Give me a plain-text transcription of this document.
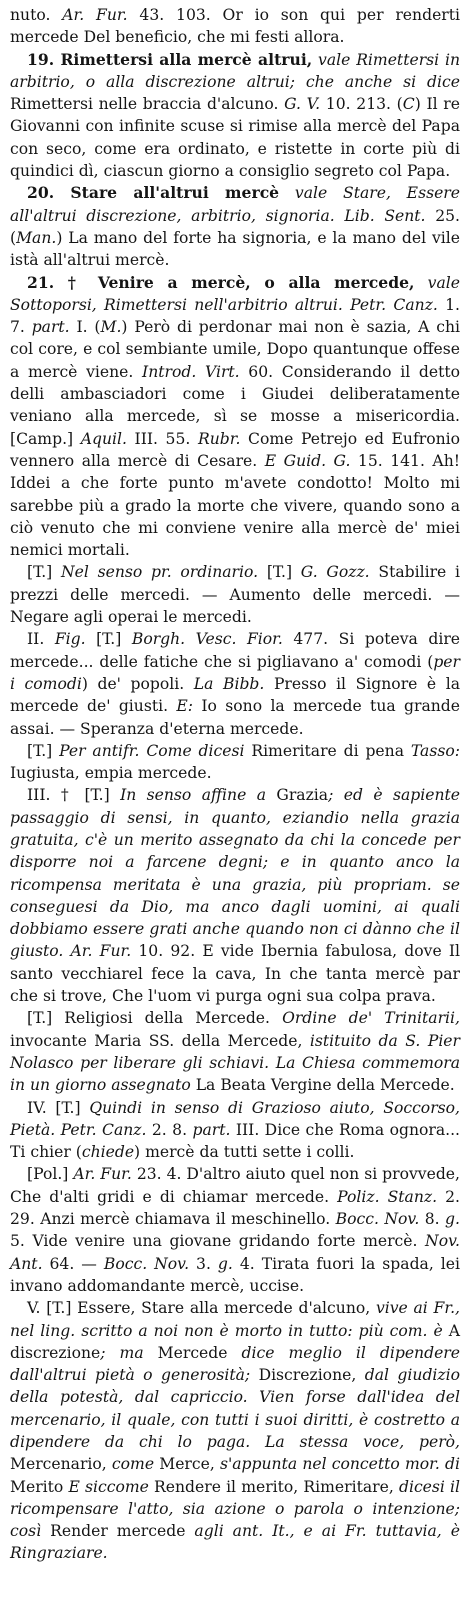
nuto. Ar. Fur. 43. 103. Or io son qui per renderti mercede Del beneficio, che mi festi allora.

19. Rimettersi alla mercè altrui, vale Rimettersi in arbitrio, o alla discrezione altrui; che anche si dice Rimettersi nelle braccia d'alcuno. G. V. 10. 213. (C) Il re Giovanni con infinite scuse si rimise alla mercè del Papa con seco, come era ordinato, e ristette in corte più di quindici dì, ciascun giorno a consiglio segreto col Papa.

20. Stare all'altrui mercè vale Stare, Essere all'altrui discrezione, arbitrio, signoria. Lib. Sent. 25. (Man.) La mano del forte ha signoria, e la mano del vile istà all'altrui mercè.

21. † Venire a mercè, o alla mercede, vale Sottoporsi, Rimettersi nell'arbitrio altrui. Petr. Canz. 1. 7. part. I. (M.) Però di perdonar mai non è sazia, A chi col core, e col sembiante umile, Dopo quantunque offese a mercè viene. Introd. Virt. 60. Considerando il detto delli ambasciadori come i Giudei deliberatamente veniano alla mercede, sì se mosse a misericordia. [Camp.] Aquil. III. 55. Rubr. Come Petrejo ed Eufronio vennero alla mercè di Cesare. E Guid. G. 15. 141. Ah! Iddei a che forte punto m'avete condotto! Molto mi sarebbe più a grado la morte che vivere, quando sono a ciò venuto che mi conviene venire alla mercè de' miei nemici mortali.

[T.] Nel senso pr. ordinario. [T.] G. Gozz. Stabilire i prezzi delle mercedi. — Aumento delle mercedi. — Negare agli operai le mercedi.

II. Fig. [T.] Borgh. Vesc. Fior. 477. Si poteva dire mercede... delle fatiche che si pigliavano a' comodi (per i comodi) de' popoli. La Bibb. Presso il Signore è la mercede de' giusti. E: Io sono la mercede tua grande assai. — Speranza d'eterna mercede.

[T.] Per antifr. Come dicesi Rimeritare di pena Tasso: Iugiusta, empia mercede.

III. † [T.] In senso affine a Grazia; ed è sapiente passaggio di sensi, in quanto, eziandio nella grazia gratuita, c'è un merito assegnato da chi la concede per disporre noi a farcene degni; e in quanto anco la ricompensa meritata è una grazia, più propriam. se conseguesi da Dio, ma anco dagli uomini, ai quali dobbiamo essere grati anche quando non ci dànno che il giusto. Ar. Fur. 10. 92. E vide Ibernia fabulosa, dove Il santo vecchiarel fece la cava, In che tanta mercè par che si trove, Che l'uom vi purga ogni sua colpa prava.

[T.] Religiosi della Mercede. Ordine de' Trinitarii, invocante Maria SS. della Mercede, istituito da S. Pier Nolasco per liberare gli schiavi. La Chiesa commemora in un giorno assegnato La Beata Vergine della Mercede.

IV. [T.] Quindi in senso di Grazioso aiuto, Soccorso, Pietà. Petr. Canz. 2. 8. part. III. Dice che Roma ognora... Ti chier (chiede) mercè da tutti sette i colli.

[Pol.] Ar. Fur. 23. 4. D'altro aiuto quel non si provvede, Che d'alti gridi e di chiamar mercede. Poliz. Stanz. 2. 29. Anzi mercè chiamava il meschinello. Bocc. Nov. 8. g. 5. Vide venire una giovane gridando forte mercè. Nov. Ant. 64. — Bocc. Nov. 3. g. 4. Tirata fuori la spada, lei invano addomandante mercè, uccise.

V. [T.] Essere, Stare alla mercede d'alcuno, vive ai Fr., nel ling. scritto a noi non è morto in tutto: più com. è A discrezione; ma Mercede dice meglio il dipendere dall'altrui pietà o generosità; Discrezione, dal giudizio della potestà, dal capriccio. Vien forse dall'idea del mercenario, il quale, con tutti i suoi diritti, è costretto a dipendere da chi lo paga. La stessa voce, però, Mercenario, come Merce, s'appunta nel concetto mor. di Merito E siccome Rendere il merito, Rimeritare, dicesi il ricompensare l'atto, sia azione o parola o intenzione; così Render mercede agli ant. It., e ai Fr. tuttavia, è Ringraziare.
